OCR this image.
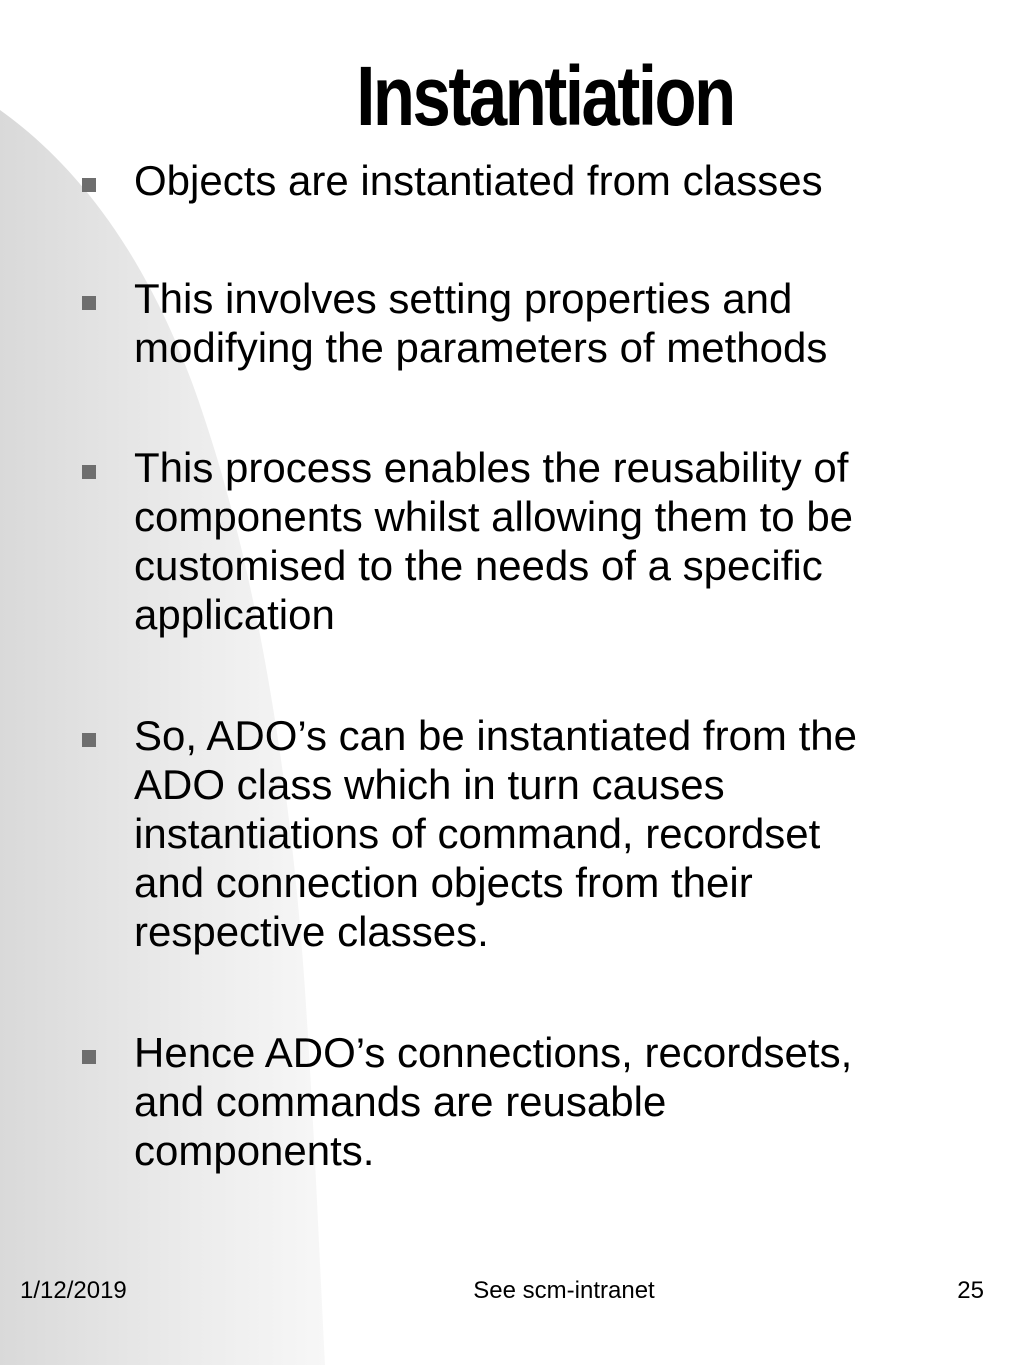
Instantiation
Objects are instantiated from classes
This involves setting properties and
modifying the parameters of methods
This process enables the reusability of
components whilst allowing them to be
customised to the needs of a specific
application
So, ADO’s can be instantiated from the
ADO class which in turn causes
instantiations of command, recordset
and connection objects from their
respective classes.
Hence ADO’s connections, recordsets,
and commands are reusable
components.
1/12/2019	See scm-intranet	25
